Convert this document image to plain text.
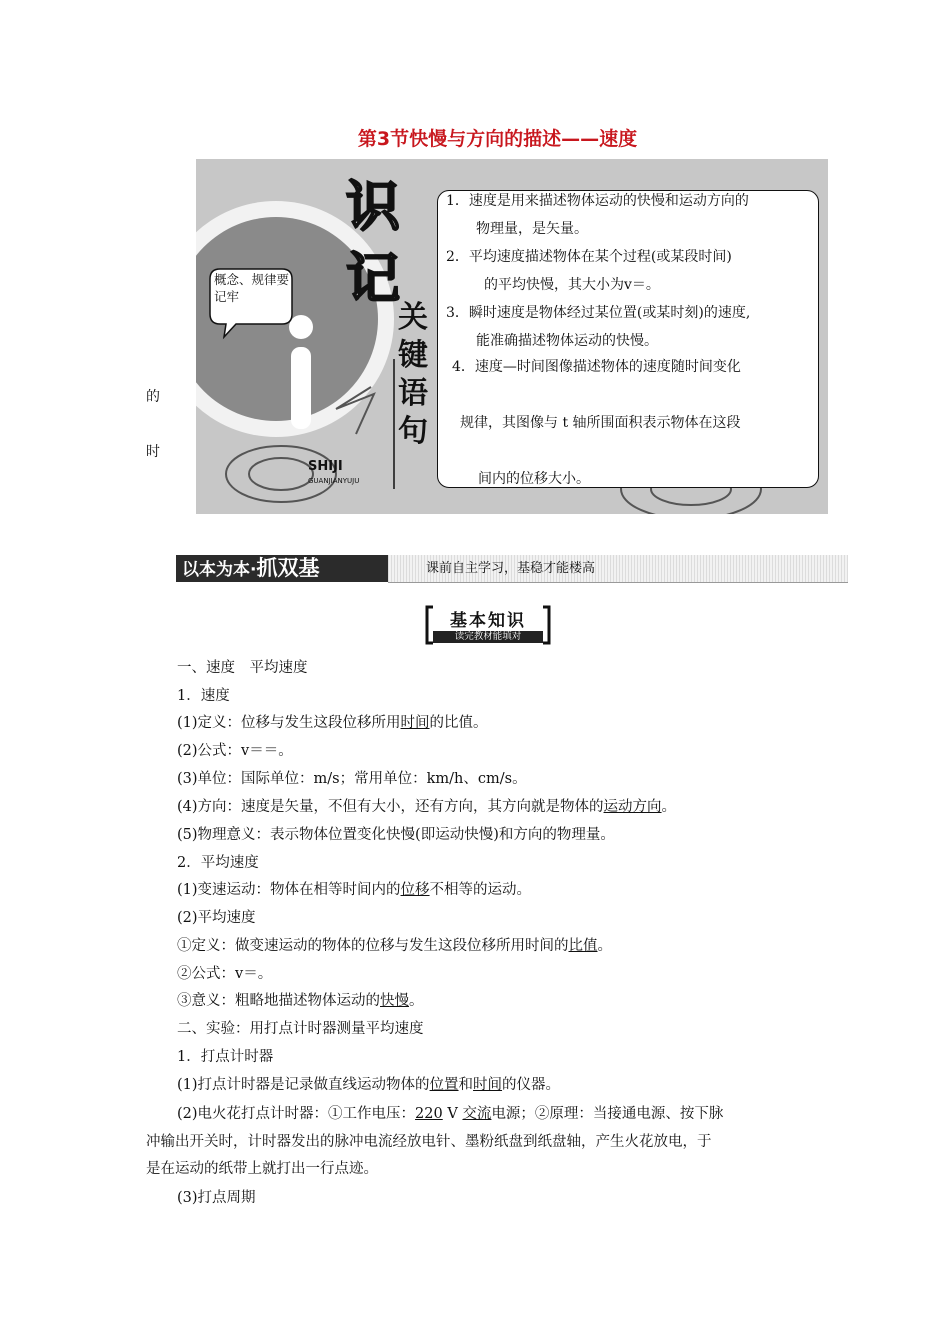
第3节快慢与方向的描述——速度
的
时
概念、规律要记牢
识
记
关
键
语
句
SHIJI
GUANJIANYUJU
1．速度是用来描述物体运动的快慢和运动方向的
物理量，是矢量。
2．平均速度描述物体在某个过程(或某段时间)
的平均快慢，其大小为v＝。
3．瞬时速度是物体经过某位置(或某时刻)的速度,
能准确描述物体运动的快慢。
4．速度—时间图像描述物体的速度随时间变化
规律，其图像与 t 轴所围面积表示物体在这段
间内的位移大小。
以本为本·抓双基	课前自主学习，基稳才能楼高
基本知识
读完教材能填对
一、速度　平均速度
1．速度
(1)定义：位移与发生这段位移所用时间的比值。
(2)公式：v＝＝。
(3)单位：国际单位：m/s；常用单位：km/h、cm/s。
(4)方向：速度是矢量，不但有大小，还有方向，其方向就是物体的运动方向。
(5)物理意义：表示物体位置变化快慢(即运动快慢)和方向的物理量。
2．平均速度
(1)变速运动：物体在相等时间内的位移不相等的运动。
(2)平均速度
①定义：做变速运动的物体的位移与发生这段位移所用时间的比值。
②公式：v＝。
③意义：粗略地描述物体运动的快慢。
二、实验：用打点计时器测量平均速度
1．打点计时器
(1)打点计时器是记录做直线运动物体的位置和时间的仪器。
(2)电火花打点计时器：①工作电压：220 V 交流电源；②原理：当接通电源、按下脉
冲输出开关时，计时器发出的脉冲电流经放电针、墨粉纸盘到纸盘轴，产生火花放电，于
是在运动的纸带上就打出一行点迹。
(3)打点周期
